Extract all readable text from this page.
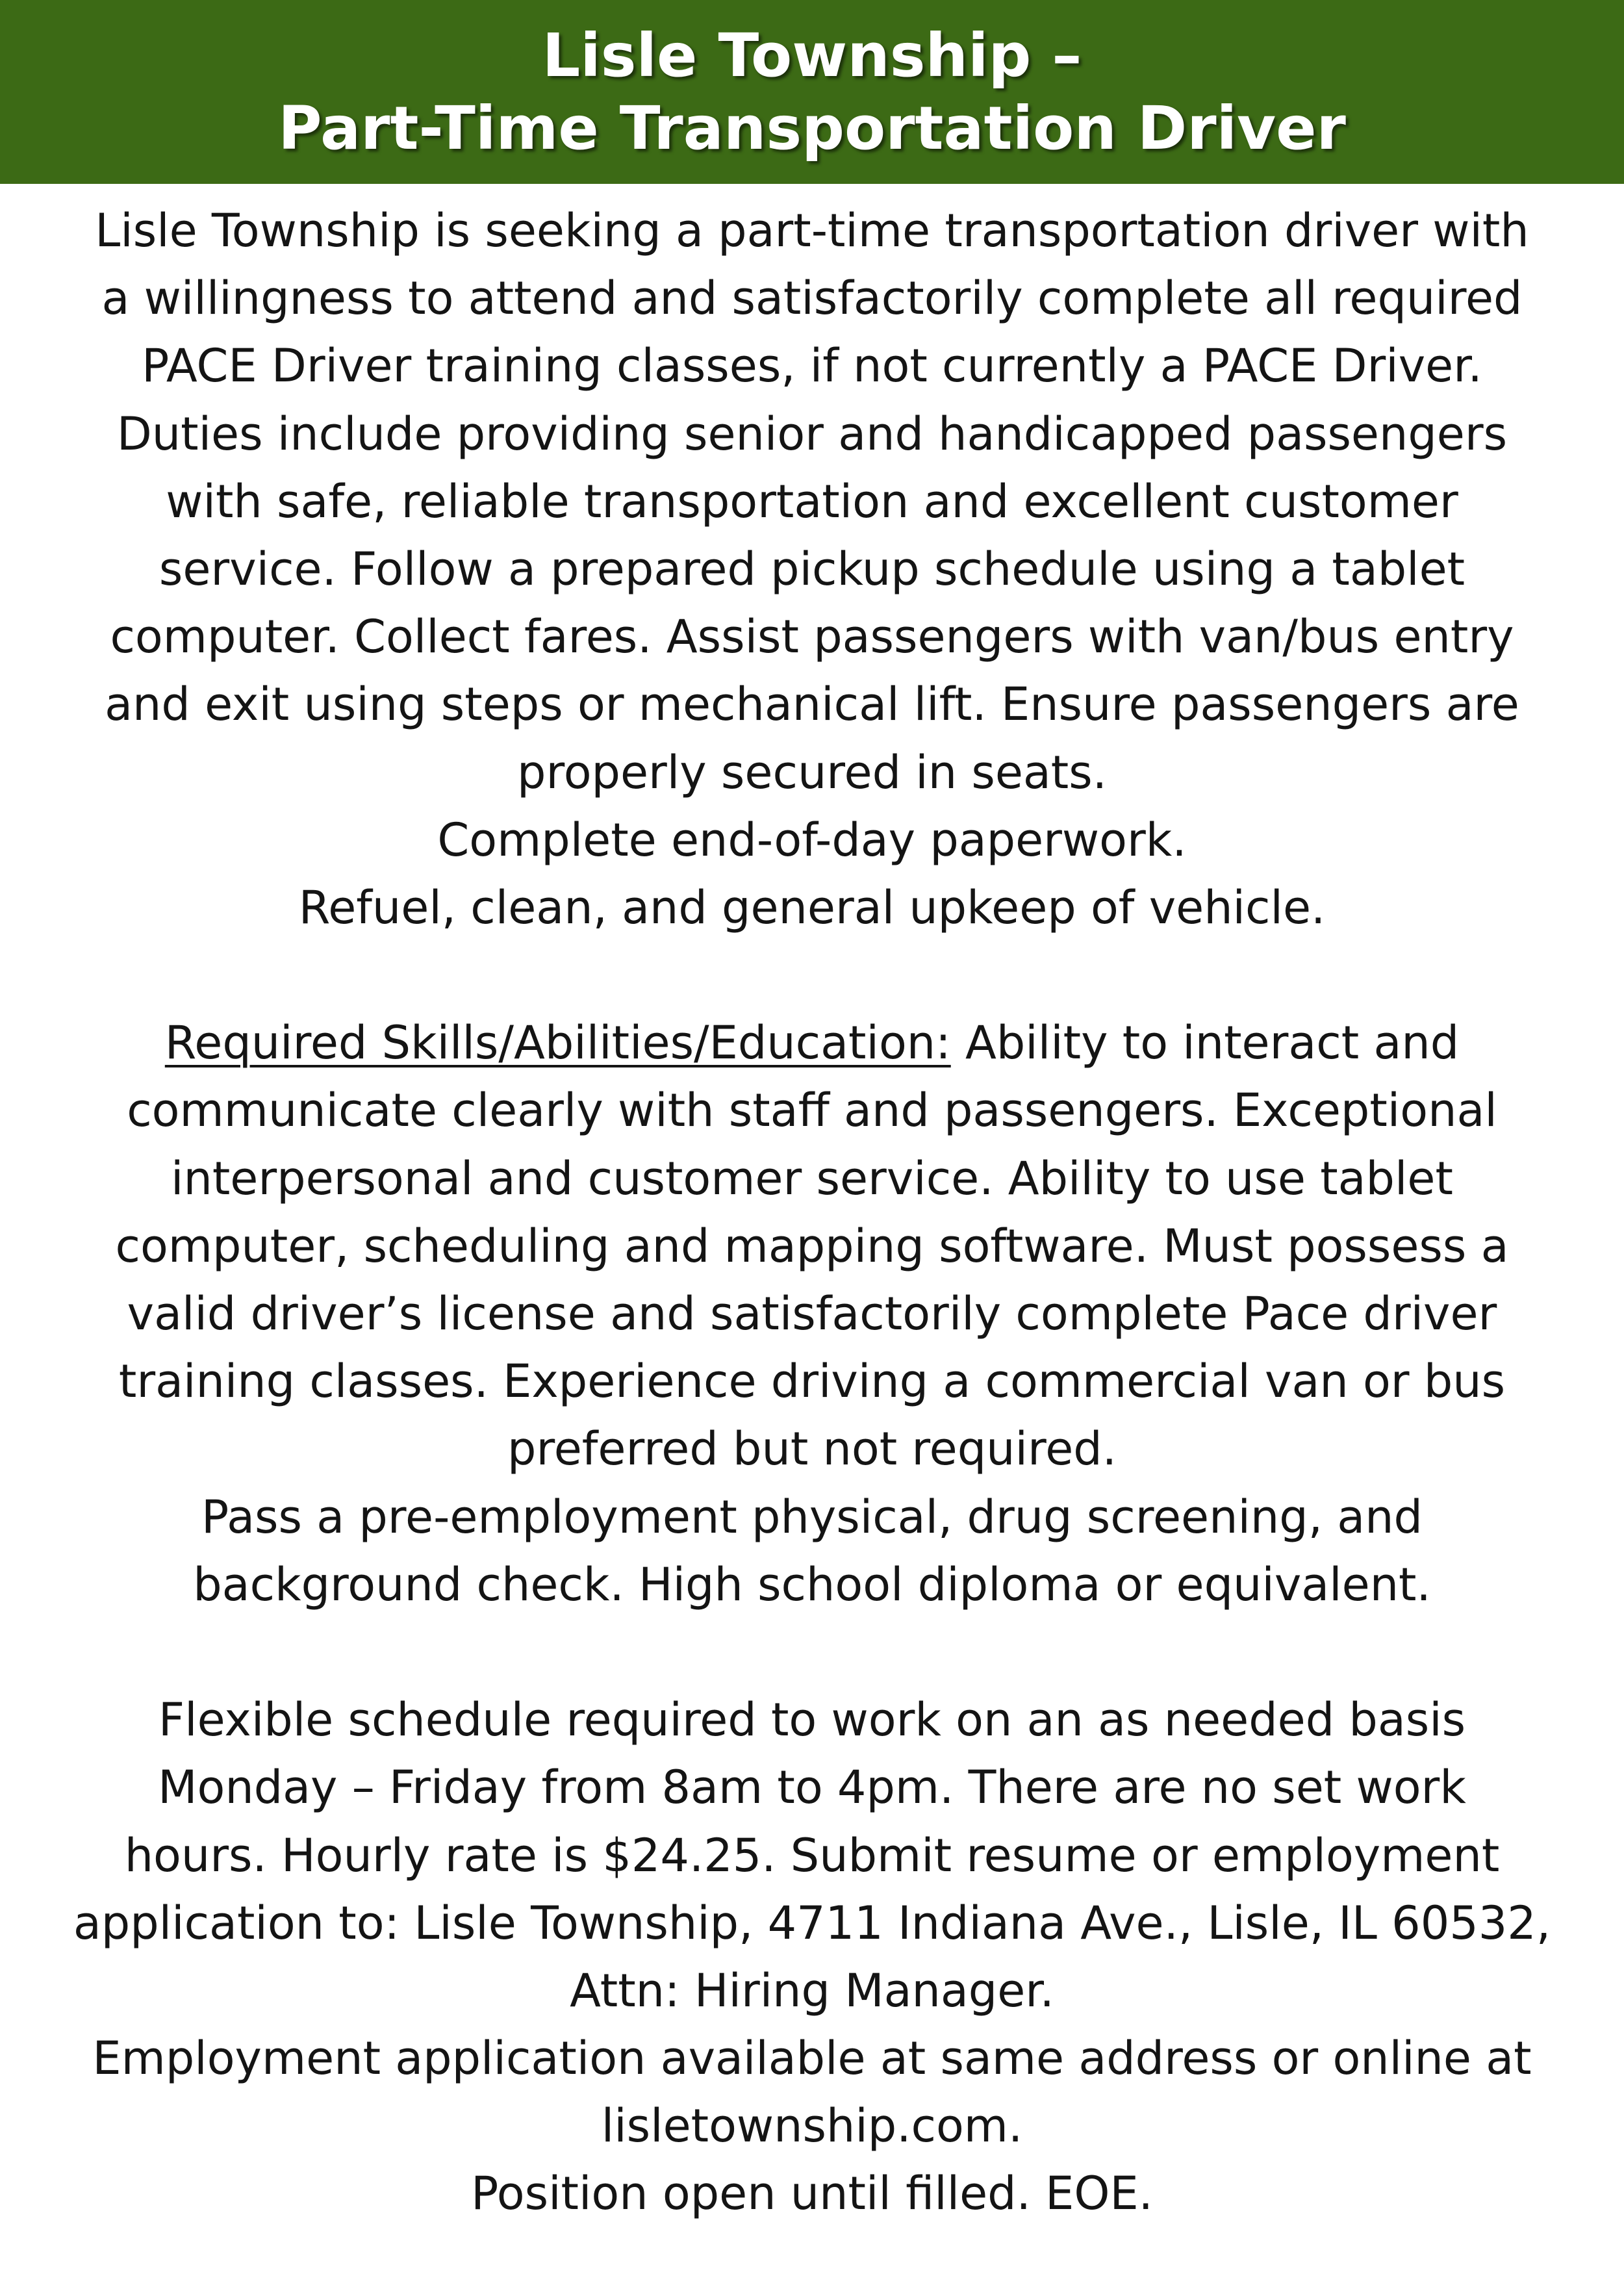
Lisle Township –
Part-Time Transportation Driver
Lisle Township is seeking a part-time transportation driver with
a willingness to attend and satisfactorily complete all required
PACE Driver training classes, if not currently a PACE Driver.
Duties include providing senior and handicapped passengers
with safe, reliable transportation and excellent customer
service. Follow a prepared pickup schedule using a tablet
computer. Collect fares. Assist passengers with van/bus entry
and exit using steps or mechanical lift. Ensure passengers are
properly secured in seats.
Complete end-of-day paperwork.
Refuel, clean, and general upkeep of vehicle.
Required Skills/Abilities/Education: Ability to interact and
communicate clearly with staff and passengers. Exceptional
interpersonal and customer service. Ability to use tablet
computer, scheduling and mapping software. Must possess a
valid driver’s license and satisfactorily complete Pace driver
training classes. Experience driving a commercial van or bus
preferred but not required.
Pass a pre-employment physical, drug screening, and
background check. High school diploma or equivalent.
Flexible schedule required to work on an as needed basis
Monday – Friday from 8am to 4pm. There are no set work
hours. Hourly rate is $24.25. Submit resume or employment
application to: Lisle Township, 4711 Indiana Ave., Lisle, IL 60532,
Attn: Hiring Manager.
Employment application available at same address or online at
lisletownship.com.
Position open until filled. EOE.
